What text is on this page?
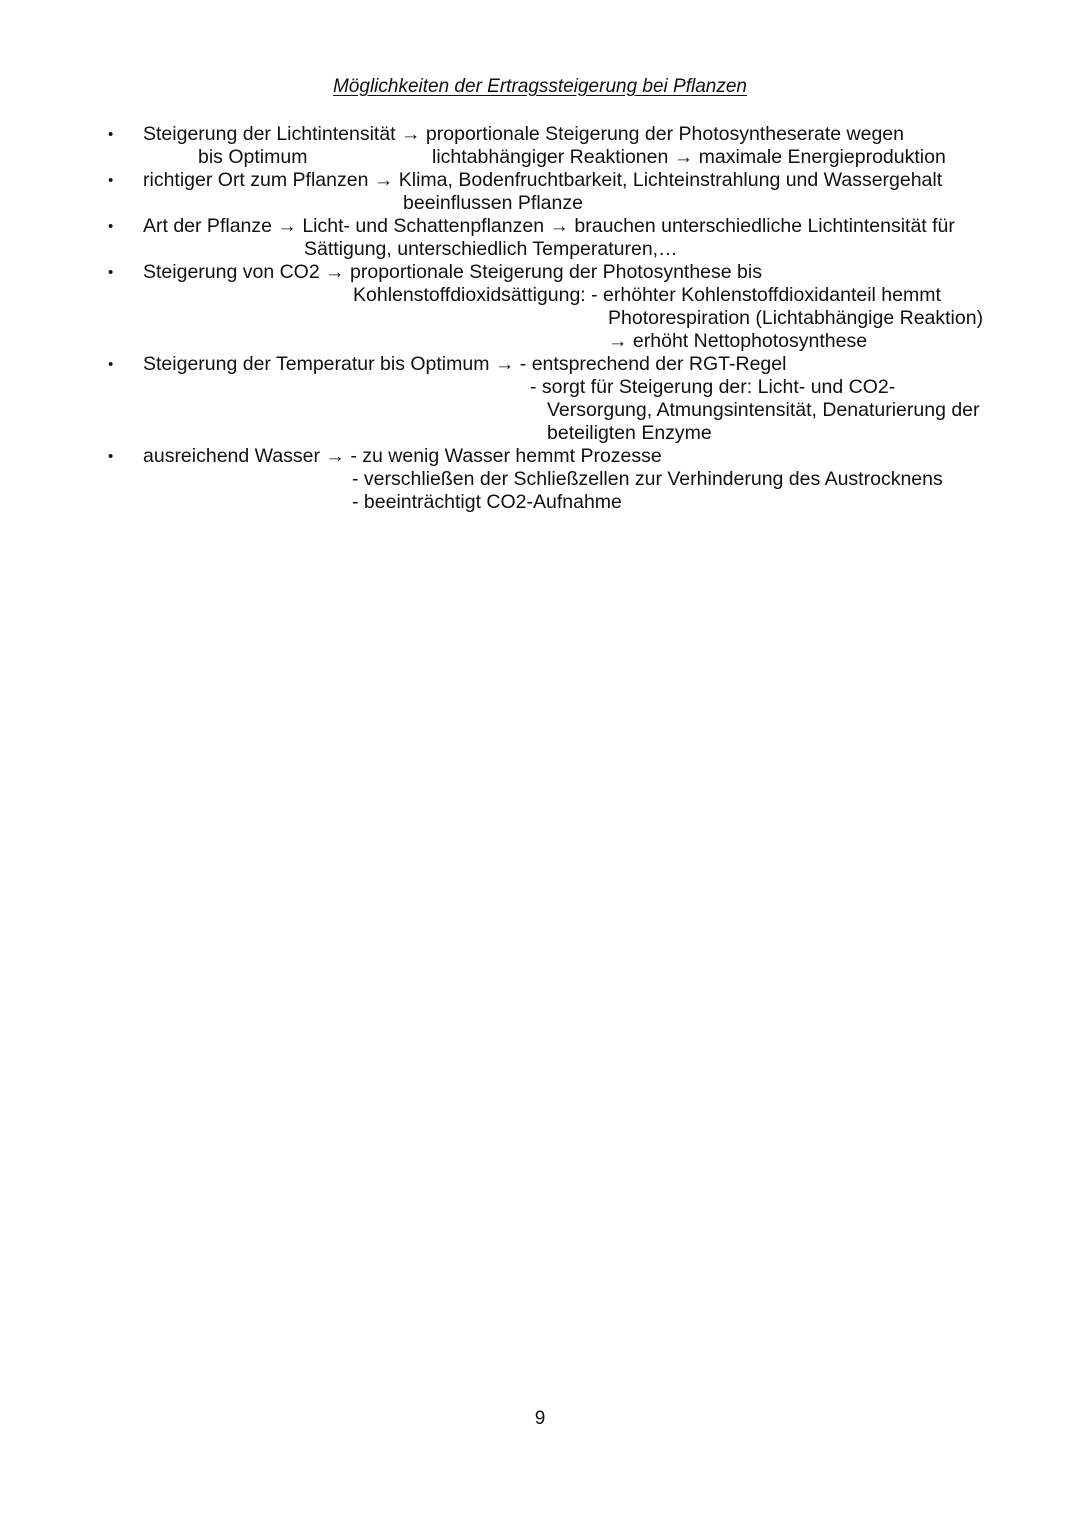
Möglichkeiten der Ertragssteigerung bei Pflanzen
• Steigerung der Lichtintensität → proportionale Steigerung der Photosyntheserate wegen
bis Optimum	lichtabhängiger Reaktionen → maximale Energieproduktion
• richtiger Ort zum Pflanzen → Klima, Bodenfruchtbarkeit, Lichteinstrahlung und Wassergehalt
beeinflussen Pflanze
• Art der Pflanze → Licht- und Schattenpflanzen → brauchen unterschiedliche Lichtintensität für
Sättigung, unterschiedlich Temperaturen,…
• Steigerung von CO2 → proportionale Steigerung der Photosynthese bis
Kohlenstoffdioxidsättigung: - erhöhter Kohlenstoffdioxidanteil hemmt
Photorespiration (Lichtabhängige Reaktion)
→ erhöht Nettophotosynthese
• Steigerung der Temperatur bis Optimum → - entsprechend der RGT-Regel
- sorgt für Steigerung der: Licht- und CO2-
Versorgung, Atmungsintensität, Denaturierung der
beteiligten Enzyme
• ausreichend Wasser → - zu wenig Wasser hemmt Prozesse
- verschließen der Schließzellen zur Verhinderung des Austrocknens
- beeinträchtigt CO2-Aufnahme
9
